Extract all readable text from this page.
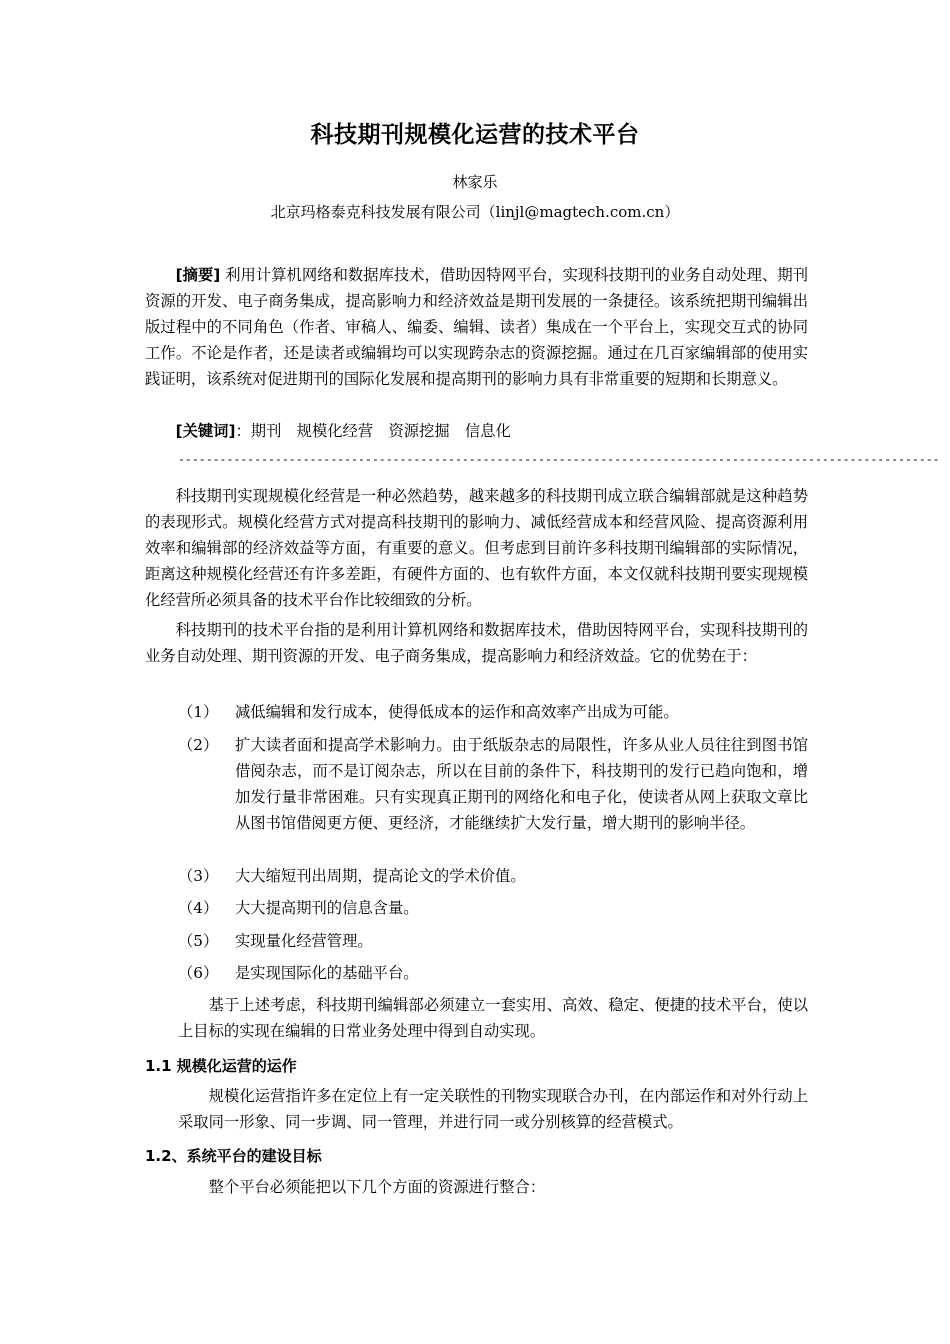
科技期刊规模化运营的技术平台
林家乐
北京玛格泰克科技发展有限公司（linjl@magtech.com.cn）
[摘要] 利用计算机网络和数据库技术，借助因特网平台，实现科技期刊的业务自动处理、期刊资源的开发、电子商务集成，提高影响力和经济效益是期刊发展的一条捷径。该系统把期刊编辑出版过程中的不同角色（作者、审稿人、编委、编辑、读者）集成在一个平台上，实现交互式的协同工作。不论是作者，还是读者或编辑均可以实现跨杂志的资源挖掘。通过在几百家编辑部的使用实践证明，该系统对促进期刊的国际化发展和提高期刊的影响力具有非常重要的短期和长期意义。
[关键词]：期刊　规模化经营　资源挖掘　信息化
--------------------------------------------------------------------------------------------------------------
科技期刊实现规模化经营是一种必然趋势，越来越多的科技期刊成立联合编辑部就是这种趋势的表现形式。规模化经营方式对提高科技期刊的影响力、减低经营成本和经营风险、提高资源利用效率和编辑部的经济效益等方面，有重要的意义。但考虑到目前许多科技期刊编辑部的实际情况，距离这种规模化经营还有许多差距，有硬件方面的、也有软件方面，本文仅就科技期刊要实现规模化经营所必须具备的技术平台作比较细致的分析。
科技期刊的技术平台指的是利用计算机网络和数据库技术，借助因特网平台，实现科技期刊的业务自动处理、期刊资源的开发、电子商务集成，提高影响力和经济效益。它的优势在于：
（1）	减低编辑和发行成本，使得低成本的运作和高效率产出成为可能。
（2）	扩大读者面和提高学术影响力。由于纸版杂志的局限性，许多从业人员往往到图书馆借阅杂志，而不是订阅杂志，所以在目前的条件下，科技期刊的发行已趋向饱和，增加发行量非常困难。只有实现真正期刊的网络化和电子化，使读者从网上获取文章比从图书馆借阅更方便、更经济，才能继续扩大发行量，增大期刊的影响半径。
（3）	大大缩短刊出周期，提高论文的学术价值。
（4）	大大提高期刊的信息含量。
（5）	实现量化经营管理。
（6）	是实现国际化的基础平台。
基于上述考虑，科技期刊编辑部必须建立一套实用、高效、稳定、便捷的技术平台，使以上目标的实现在编辑的日常业务处理中得到自动实现。
1.1 规模化运营的运作
规模化运营指许多在定位上有一定关联性的刊物实现联合办刊，在内部运作和对外行动上采取同一形象、同一步调、同一管理，并进行同一或分别核算的经营模式。
1.2、系统平台的建设目标
整个平台必须能把以下几个方面的资源进行整合：
